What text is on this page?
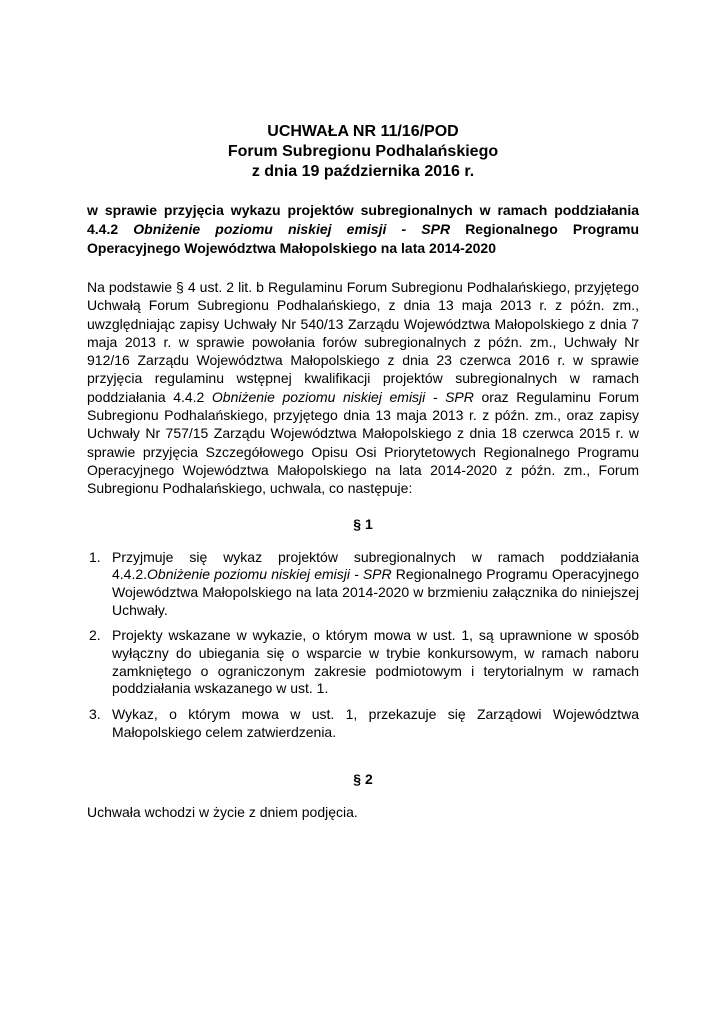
UCHWAŁA NR 11/16/POD

Forum Subregionu Podhalańskiego

z dnia 19 października 2016 r.

w sprawie przyjęcia wykazu projektów subregionalnych w ramach poddziałania 4.4.2 Obniżenie poziomu niskiej emisji - SPR Regionalnego Programu Operacyjnego Województwa Małopolskiego na lata 2014-2020
Na podstawie § 4 ust. 2 lit. b Regulaminu Forum Subregionu Podhalańskiego, przyjętego Uchwałą Forum Subregionu Podhalańskiego, z dnia 13 maja 2013 r. z późn. zm., uwzględniając zapisy Uchwały Nr 540/13 Zarządu Województwa Małopolskiego z dnia 7 maja 2013 r. w sprawie powołania forów subregionalnych z późn. zm., Uchwały Nr 912/16 Zarządu Województwa Małopolskiego z dnia 23 czerwca 2016 r. w sprawie przyjęcia regulaminu wstępnej kwalifikacji projektów subregionalnych w ramach poddziałania 4.4.2 Obniżenie poziomu niskiej emisji - SPR oraz Regulaminu Forum Subregionu Podhalańskiego, przyjętego dnia 13 maja 2013 r. z późn. zm., oraz zapisy Uchwały Nr 757/15 Zarządu Województwa Małopolskiego z dnia 18 czerwca 2015 r. w sprawie przyjęcia Szczegółowego Opisu Osi Priorytetowych Regionalnego Programu Operacyjnego Województwa Małopolskiego na lata 2014-2020 z późn. zm., Forum Subregionu Podhalańskiego, uchwala, co następuje:
§ 1
1. Przyjmuje się wykaz projektów subregionalnych w ramach poddziałania 4.4.2.Obniżenie poziomu niskiej emisji - SPR Regionalnego Programu Operacyjnego Województwa Małopolskiego na lata 2014-2020 w brzmieniu załącznika do niniejszej Uchwały.
2. Projekty wskazane w wykazie, o którym mowa w ust. 1, są uprawnione w sposób wyłączny do ubiegania się o wsparcie w trybie konkursowym, w ramach naboru zamkniętego o ograniczonym zakresie podmiotowym i terytorialnym w ramach poddziałania wskazanego w ust. 1.
3. Wykaz, o którym mowa w ust. 1, przekazuje się Zarządowi Województwa Małopolskiego celem zatwierdzenia.
§ 2
Uchwała wchodzi w życie z dniem podjęcia.
